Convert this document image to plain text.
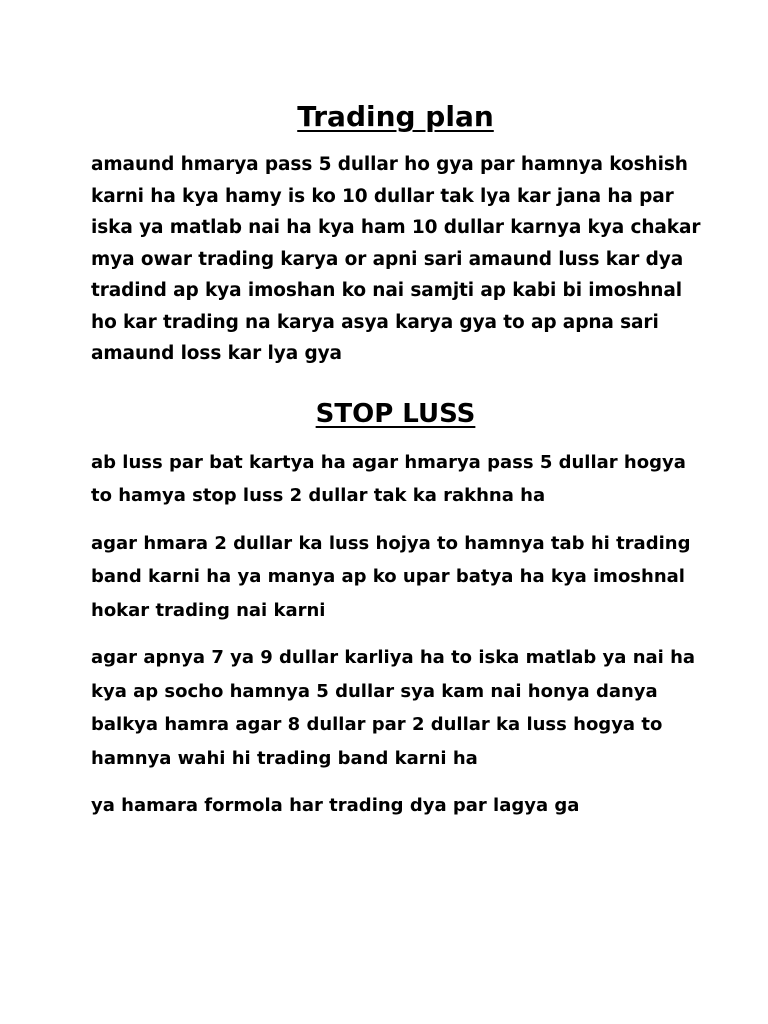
Trading plan

amaund hmarya pass 5 dullar ho gya par hamnya koshish karni ha kya hamy is ko 10 dullar tak lya kar jana ha par iska ya matlab nai ha kya ham 10 dullar karnya kya chakar mya owar trading karya or apni sari amaund luss kar dya tradind ap kya imoshan ko nai samjti ap kabi bi imoshnal ho kar trading na karya asya karya gya to ap apna sari amaund loss kar lya gya

STOP LUSS

ab luss par bat kartya ha agar hmarya pass 5 dullar hogya to hamya stop luss 2 dullar tak ka rakhna ha

agar hmara 2 dullar ka luss hojya to hamnya tab hi trading band karni ha ya manya ap ko upar batya ha kya imoshnal hokar trading nai karni

agar apnya 7 ya 9 dullar karliya ha to iska matlab ya nai ha kya ap socho hamnya 5 dullar sya kam nai honya danya balkya hamra agar 8 dullar par 2 dullar ka luss hogya to hamnya wahi hi trading band karni ha

ya hamara formola har trading dya par lagya ga
